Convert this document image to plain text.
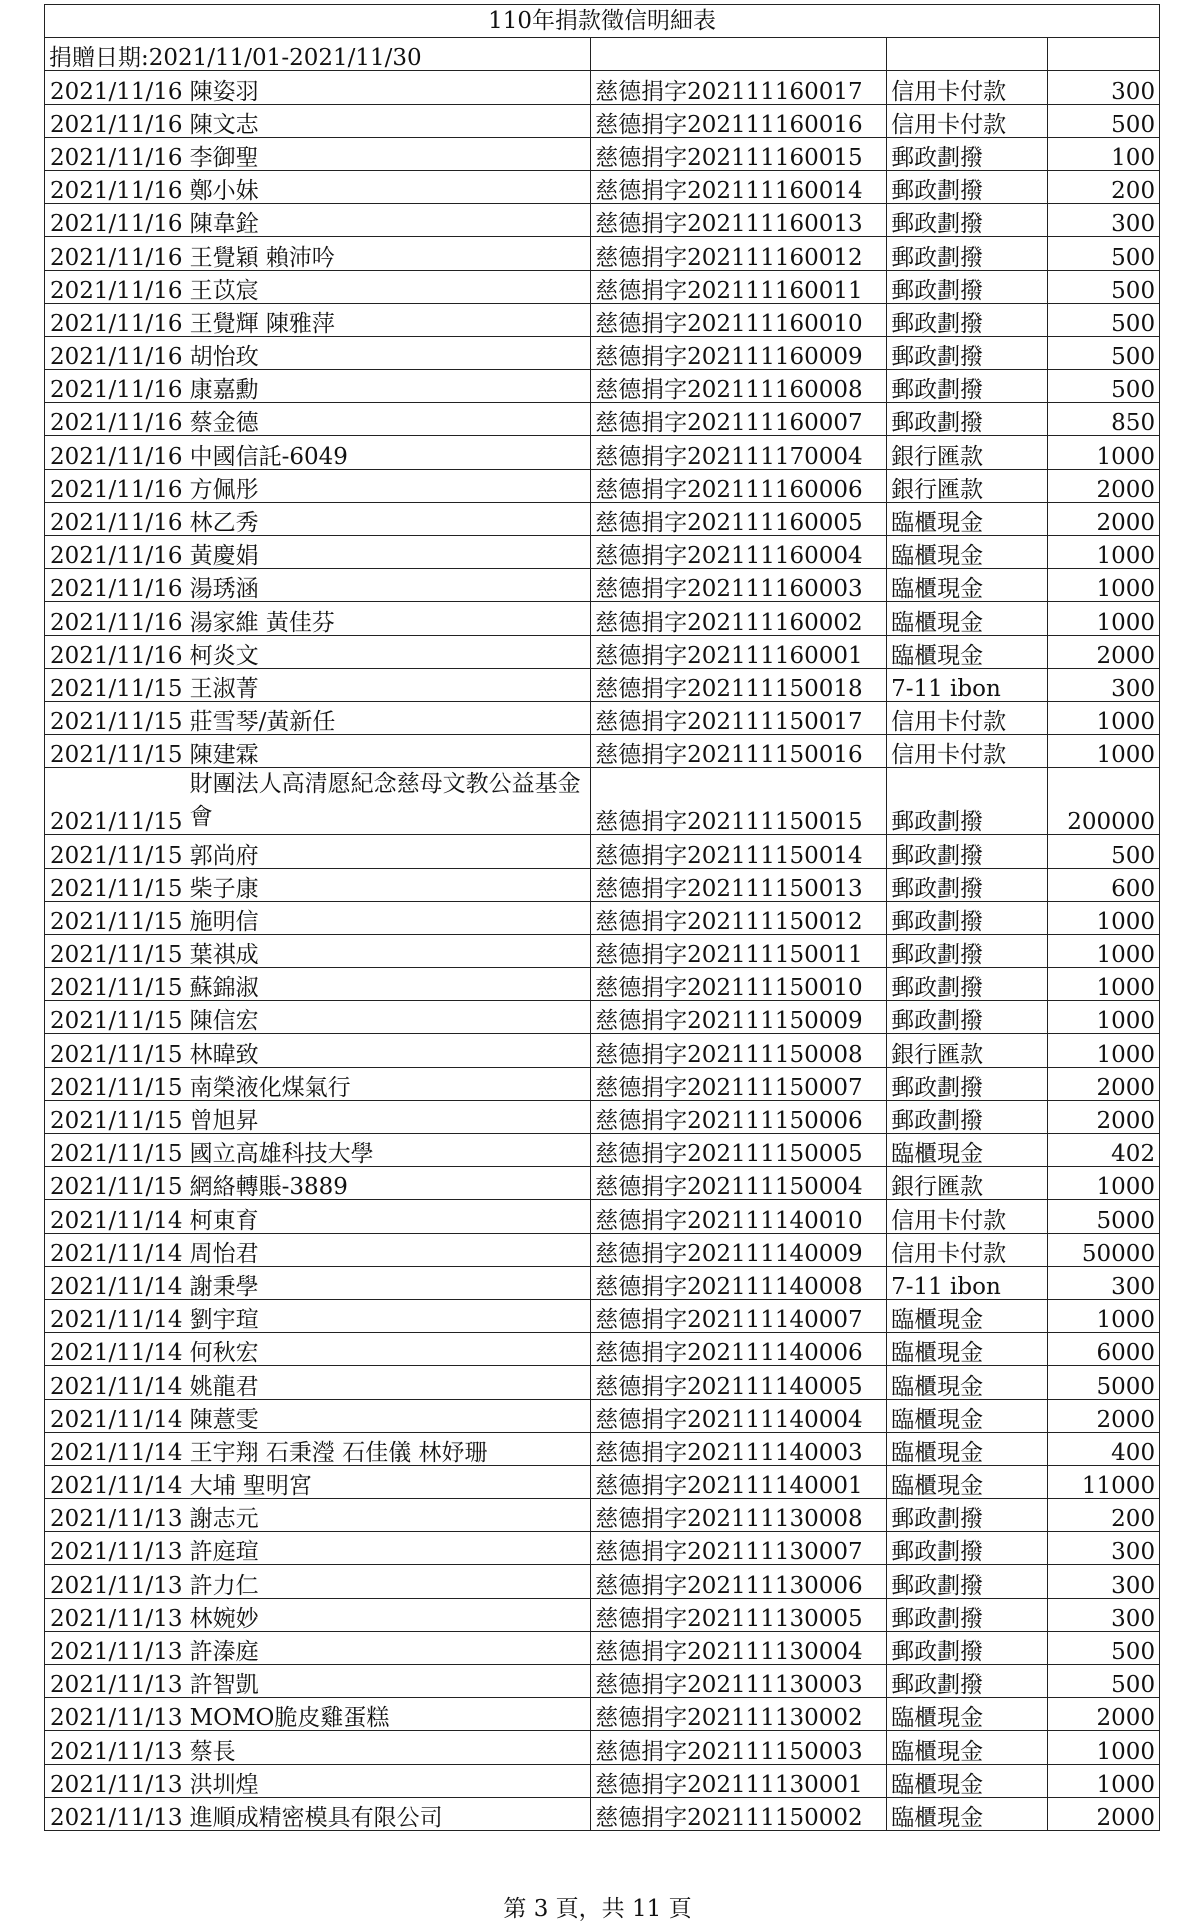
110年捐款徵信明細表				
捐贈日期:2021/11/01-2021/11/30				
2021/11/16	陳姿羽	慈德捐字202111160017	信用卡付款	300
2021/11/16	陳文志	慈德捐字202111160016	信用卡付款	500
2021/11/16	李御聖	慈德捐字202111160015	郵政劃撥	100
2021/11/16	鄭小妹	慈德捐字202111160014	郵政劃撥	200
2021/11/16	陳韋銓	慈德捐字202111160013	郵政劃撥	300
2021/11/16	王覺穎 賴沛吟	慈德捐字202111160012	郵政劃撥	500
2021/11/16	王苡宸	慈德捐字202111160011	郵政劃撥	500
2021/11/16	王覺輝 陳雅萍	慈德捐字202111160010	郵政劃撥	500
2021/11/16	胡怡玫	慈德捐字202111160009	郵政劃撥	500
2021/11/16	康嘉勳	慈德捐字202111160008	郵政劃撥	500
2021/11/16	蔡金德	慈德捐字202111160007	郵政劃撥	850
2021/11/16	中國信託-6049	慈德捐字202111170004	銀行匯款	1000
2021/11/16	方佩彤	慈德捐字202111160006	銀行匯款	2000
2021/11/16	林乙秀	慈德捐字202111160005	臨櫃現金	2000
2021/11/16	黃慶娟	慈德捐字202111160004	臨櫃現金	1000
2021/11/16	湯琇涵	慈德捐字202111160003	臨櫃現金	1000
2021/11/16	湯家維 黃佳芬	慈德捐字202111160002	臨櫃現金	1000
2021/11/16	柯炎文	慈德捐字202111160001	臨櫃現金	2000
2021/11/15	王淑菁	慈德捐字202111150018	7-11 ibon	300
2021/11/15	莊雪琴/黃新任	慈德捐字202111150017	信用卡付款	1000
2021/11/15	陳建霖	慈德捐字202111150016	信用卡付款	1000
2021/11/15	財團法人高清愿紀念慈母文教公益基金會	慈德捐字202111150015	郵政劃撥	200000
2021/11/15	郭尚府	慈德捐字202111150014	郵政劃撥	500
2021/11/15	柴子康	慈德捐字202111150013	郵政劃撥	600
2021/11/15	施明信	慈德捐字202111150012	郵政劃撥	1000
2021/11/15	葉祺成	慈德捐字202111150011	郵政劃撥	1000
2021/11/15	蘇錦淑	慈德捐字202111150010	郵政劃撥	1000
2021/11/15	陳信宏	慈德捐字202111150009	郵政劃撥	1000
2021/11/15	林暐致	慈德捐字202111150008	銀行匯款	1000
2021/11/15	南榮液化煤氣行	慈德捐字202111150007	郵政劃撥	2000
2021/11/15	曾旭昇	慈德捐字202111150006	郵政劃撥	2000
2021/11/15	國立高雄科技大學	慈德捐字202111150005	臨櫃現金	402
2021/11/15	網絡轉賬-3889	慈德捐字202111150004	銀行匯款	1000
2021/11/14	柯東育	慈德捐字202111140010	信用卡付款	5000
2021/11/14	周怡君	慈德捐字202111140009	信用卡付款	50000
2021/11/14	謝秉學	慈德捐字202111140008	7-11 ibon	300
2021/11/14	劉宇瑄	慈德捐字202111140007	臨櫃現金	1000
2021/11/14	何秋宏	慈德捐字202111140006	臨櫃現金	6000
2021/11/14	姚龍君	慈德捐字202111140005	臨櫃現金	5000
2021/11/14	陳薏雯	慈德捐字202111140004	臨櫃現金	2000
2021/11/14	王宇翔 石秉瀅 石佳儀 林妤珊	慈德捐字202111140003	臨櫃現金	400
2021/11/14	大埔 聖明宮	慈德捐字202111140001	臨櫃現金	11000
2021/11/13	謝志元	慈德捐字202111130008	郵政劃撥	200
2021/11/13	許庭瑄	慈德捐字202111130007	郵政劃撥	300
2021/11/13	許力仁	慈德捐字202111130006	郵政劃撥	300
2021/11/13	林婉妙	慈德捐字202111130005	郵政劃撥	300
2021/11/13	許溱庭	慈德捐字202111130004	郵政劃撥	500
2021/11/13	許智凱	慈德捐字202111130003	郵政劃撥	500
2021/11/13	MOMO脆皮雞蛋糕	慈德捐字202111130002	臨櫃現金	2000
2021/11/13	蔡長	慈德捐字202111150003	臨櫃現金	1000
2021/11/13	洪圳煌	慈德捐字202111130001	臨櫃現金	1000
2021/11/13	進順成精密模具有限公司	慈德捐字202111150002	臨櫃現金	2000
第 3 頁，共 11 頁
